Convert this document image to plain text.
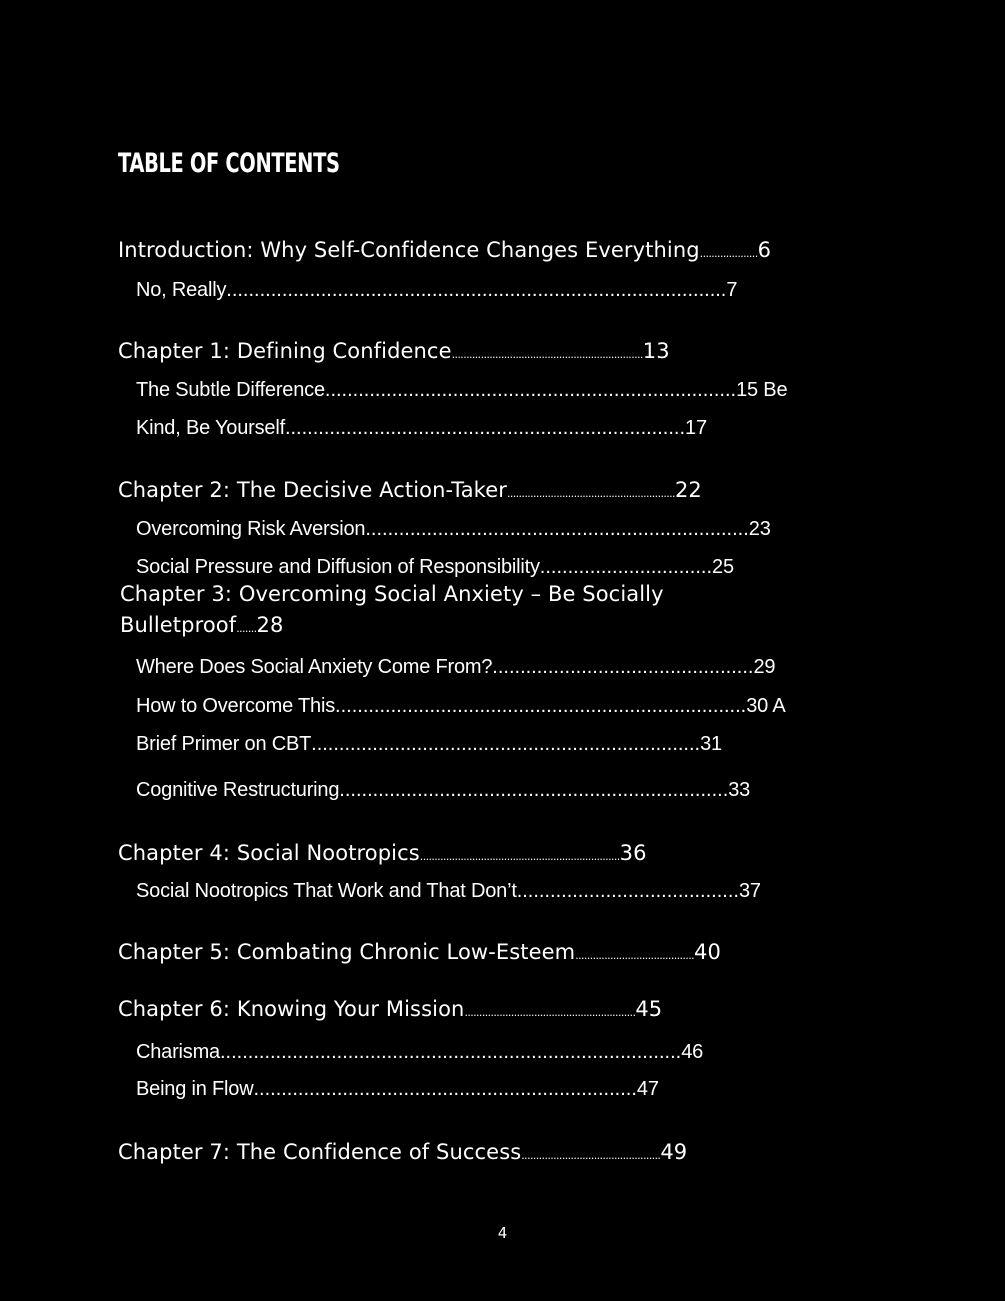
TABLE OF CONTENTS
Introduction: Why Self-Confidence Changes Everything....................6
No, Really..........................................................................................7
Chapter 1: Defining Confidence..................................................................13
The Subtle Difference..........................................................................15 Be
Kind, Be Yourself........................................................................17
Chapter 2: The Decisive Action-Taker..........................................................22
Overcoming Risk Aversion.....................................................................23
Social Pressure and Diffusion of Responsibility...............................25
Chapter 3: Overcoming Social Anxiety – Be Socially
Bulletproof.......28
Where Does Social Anxiety Come From?...............................................29
How to Overcome This..........................................................................30 A
Brief Primer on CBT......................................................................31
Cognitive Restructuring......................................................................33
Chapter 4: Social Nootropics.....................................................................36
Social Nootropics That Work and That Don’t........................................37
Chapter 5: Combating Chronic Low-Esteem.........................................40
Chapter 6: Knowing Your Mission...........................................................45
Charisma...................................................................................46
Being in Flow.....................................................................47
Chapter 7: The Confidence of Success................................................49
4
